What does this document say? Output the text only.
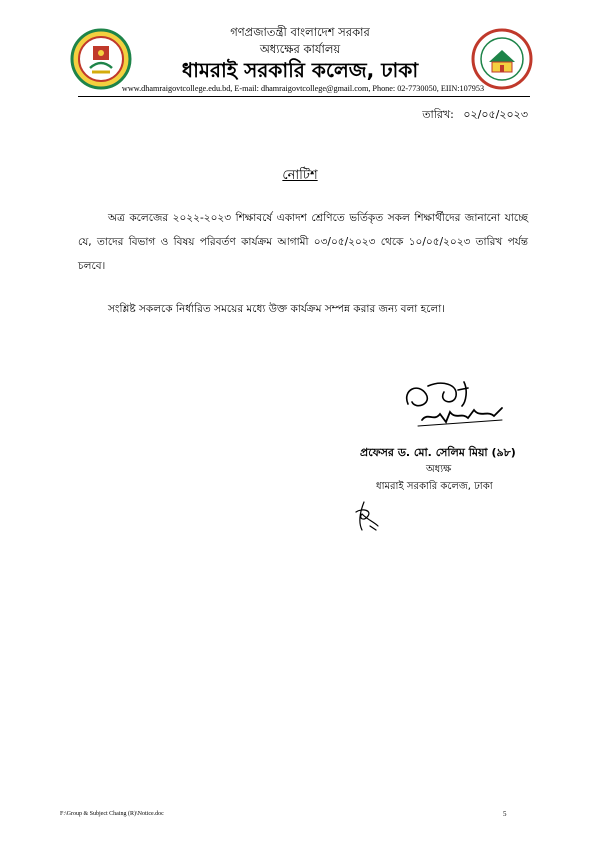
গণপ্রজাতন্ত্রী বাংলাদেশ সরকার
অধ্যক্ষের কার্যালয়
ধামরাই সরকারি কলেজ, ঢাকা
www.dhamraigovtcollege.edu.bd, E-mail: dhamraigovtcollege@gmail.com, Phone: 02-7730050, EIIN:107953
তারিখ: ০২/০৫/২০২৩
নোটিশ
অত্র কলেজের ২০২২-২০২৩ শিক্ষাবর্ষে একাদশ শ্রেণিতে ভর্তিকৃত সকল শিক্ষার্থীদের জানানো যাচ্ছে যে, তাদের বিভাগ ও বিষয় পরিবর্তণ কার্যক্রম আগামী ০৩/০৫/২০২৩ থেকে ১০/০৫/২০২৩ তারিখ পর্যন্ত চলবে।
সংশ্লিষ্ট সকলকে নির্ধারিত সময়ের মধ্যে উক্ত কার্যক্রম সম্পন্ন করার জন্য বলা হলো।
প্রফেসর ড. মো. সেলিম মিয়া (৯৮)
অধ্যক্ষ
ধামরাই সরকারি কলেজ, ঢাকা
F:\Group & Subject Chaing (R)\Notice.doc	5
